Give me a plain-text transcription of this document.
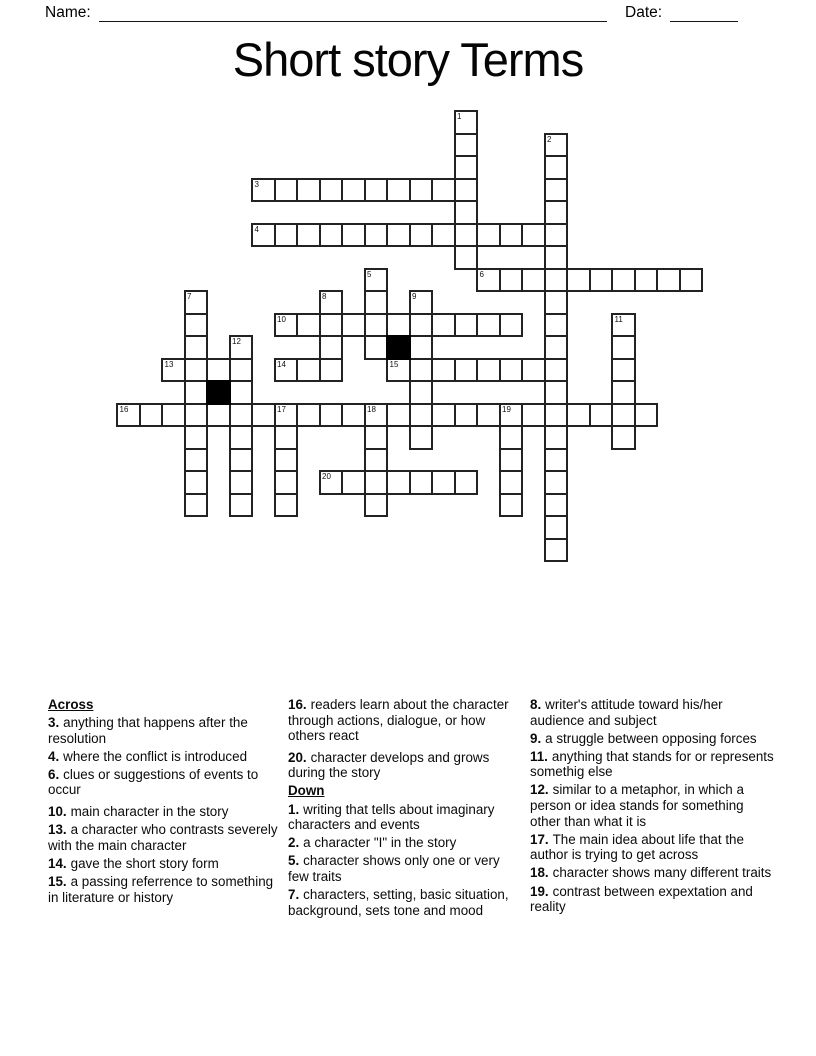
Name:	Date:
Short story Terms
1
2
3
4
5	6
7	8	9
10	11
12
13	14	15
16	17	18	19
20
Across
3. anything that happens after the resolution
4. where the conflict is introduced
6. clues or suggestions of events to occur
10. main character in the story
13. a character who contrasts severely with the main character
14. gave the short story form
15. a passing referrence to something in literature or history
16. readers learn about the character through actions, dialogue, or how others react
20. character develops and grows during the story
Down
1. writing that tells about imaginary characters and events
2. a character "I" in the story
5. character shows only one or very few traits
7. characters, setting, basic situation, background, sets tone and mood
8. writer's attitude toward his/her audience and subject
9. a struggle between opposing forces
11. anything that stands for or represents somethig else
12. similar to a metaphor, in which a person or idea stands for something other than what it is
17. The main idea about life that the author is trying to get across
18. character shows many different traits
19. contrast between expextation and reality
